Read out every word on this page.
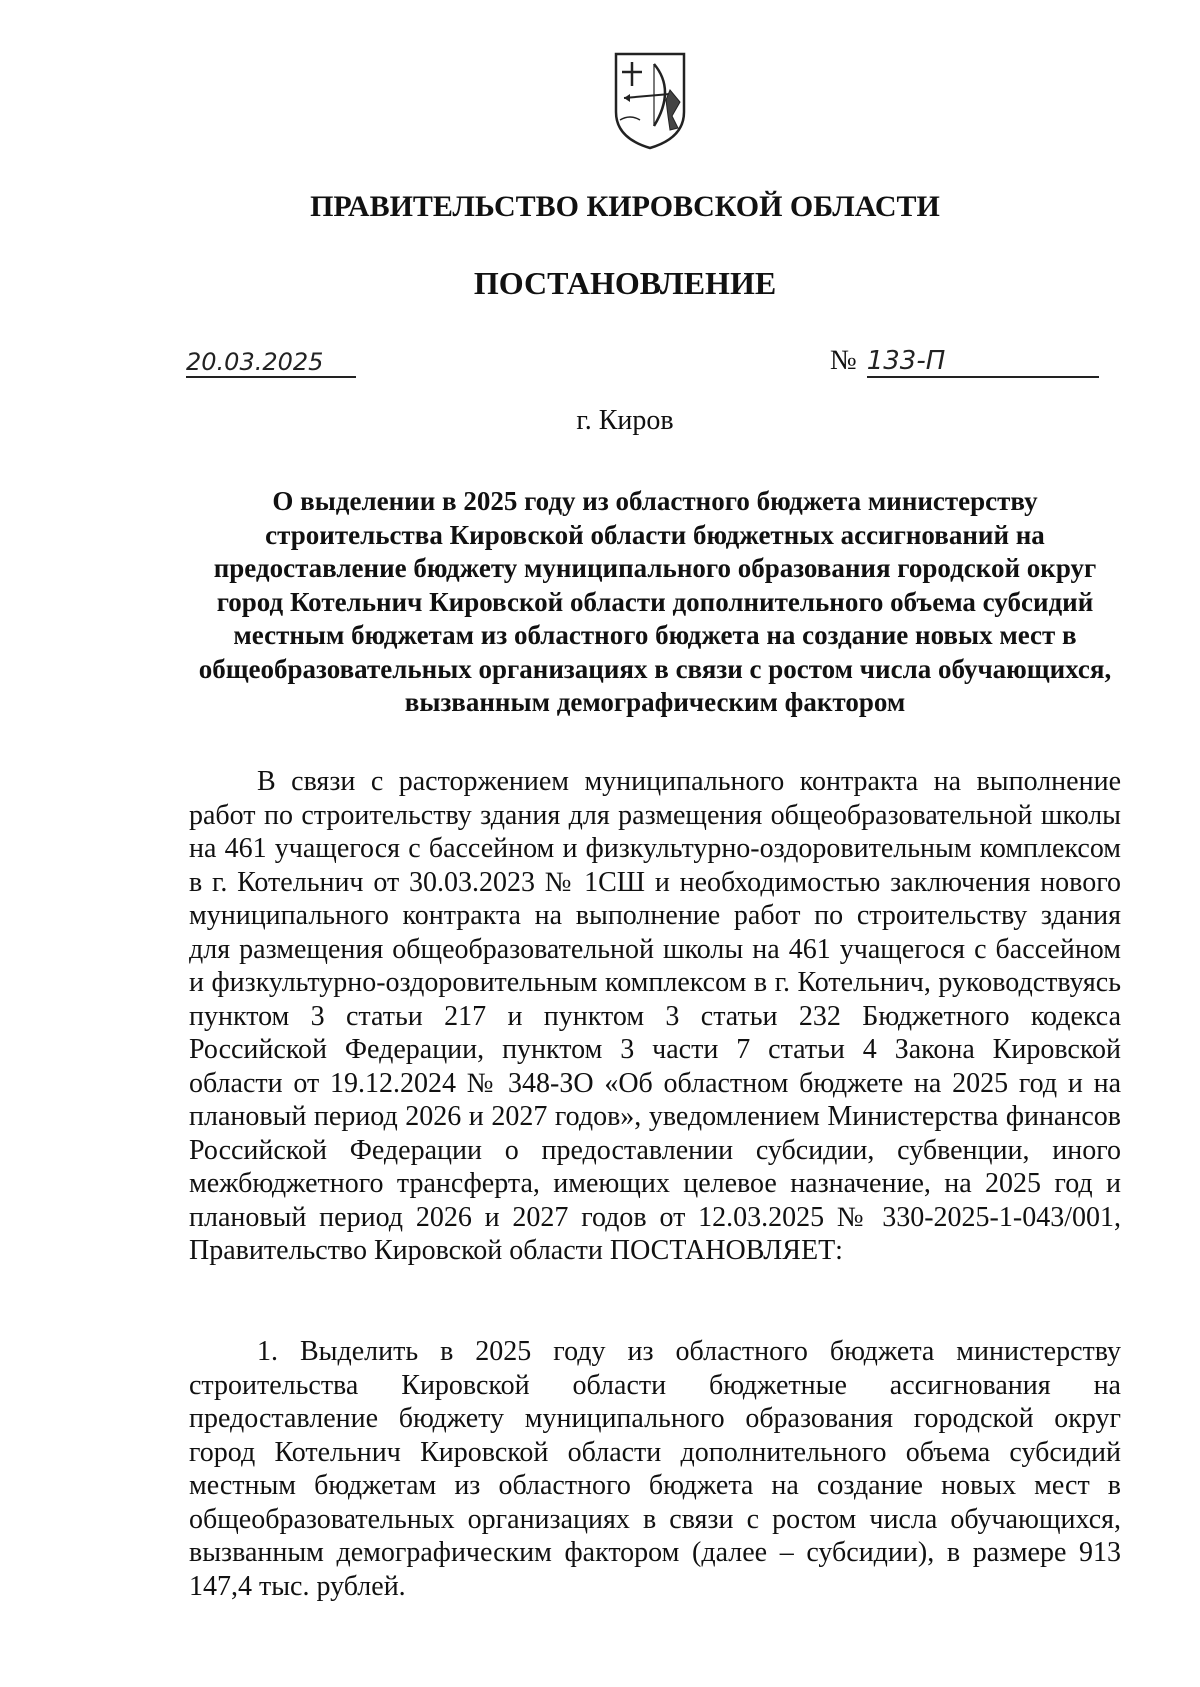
ПРАВИТЕЛЬСТВО КИРОВСКОЙ ОБЛАСТИ
ПОСТАНОВЛЕНИЕ
20.03.2025	№ 133-П
г. Киров
О выделении в 2025 году из областного бюджета министерству строительства Кировской области бюджетных ассигнований на предоставление бюджету муниципального образования городской округ город Котельнич Кировской области дополнительного объема субсидий местным бюджетам из областного бюджета на создание новых мест в общеобразовательных организациях в связи с ростом числа обучающихся, вызванным демографическим фактором

В связи с расторжением муниципального контракта на выполнение работ по строительству здания для размещения общеобразовательной школы на 461 учащегося с бассейном и физкультурно-оздоровительным комплексом в г. Котельнич от 30.03.2023 № 1СШ и необходимостью заключения нового муниципального контракта на выполнение работ по строительству здания для размещения общеобразовательной школы на 461 учащегося с бассейном и физкультурно-оздоровительным комплексом в г. Котельнич, руководствуясь пунктом 3 статьи 217 и пунктом 3 статьи 232 Бюджетного кодекса Российской Федерации, пунктом 3 части 7 статьи 4 Закона Кировской области от 19.12.2024 № 348-ЗО «Об областном бюджете на 2025 год и на плановый период 2026 и 2027 годов», уведомлением Министерства финансов Российской Федерации о предоставлении субсидии, субвенции, иного межбюджетного трансферта, имеющих целевое назначение, на 2025 год и плановый период 2026 и 2027 годов от 12.03.2025 № 330-2025-1-043/001, Правительство Кировской области ПОСТАНОВЛЯЕТ:

1. Выделить в 2025 году из областного бюджета министерству строительства Кировской области бюджетные ассигнования на предоставление бюджету муниципального образования городской округ город Котельнич Кировской области дополнительного объема субсидий местным бюджетам из областного бюджета на создание новых мест в общеобразовательных организациях в связи с ростом числа обучающихся, вызванным демографическим фактором (далее – субсидии), в размере 913 147,4 тыс. рублей.
